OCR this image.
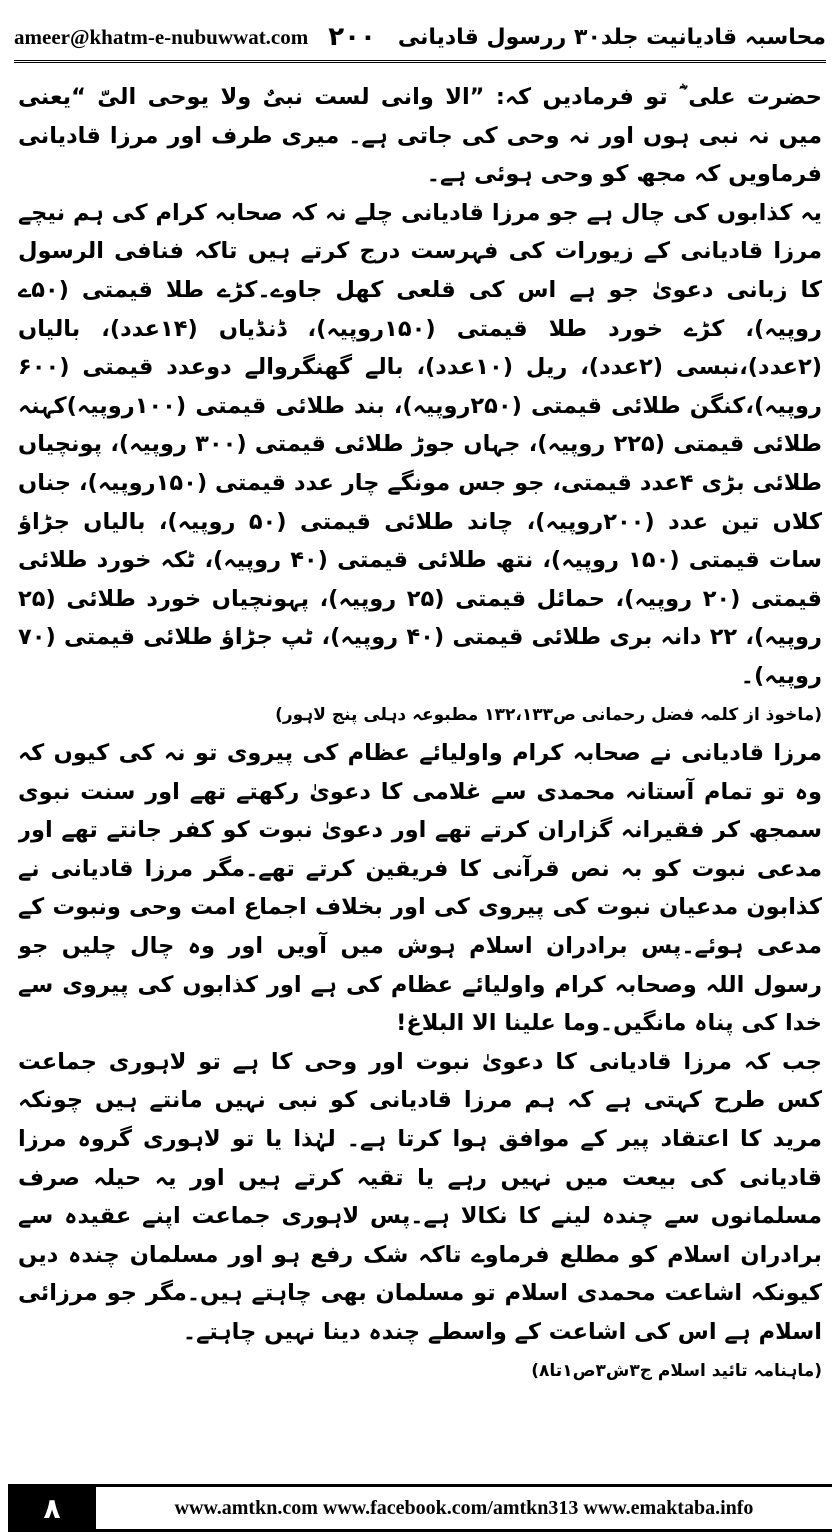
ameer@khatm-e-nubuwwat.com ۲۰۰ محاسبہ قادیانیت جلد۳۰ ررسول قادیانی

حضرت علی ؓ تو فرمادیں کہ: ”الا وانی لست نبیٌ ولا یوحی الیّ “یعنی میں نہ نبی ہوں اور نہ وحی کی جاتی ہے۔ میری طرف اور مرزا قادیانی فرماویں کہ مجھ کو وحی ہوئی ہے۔

یہ کذابوں کی چال ہے جو مرزا قادیانی چلے نہ کہ صحابہ کرام کی ہم نیچے مرزا قادیانی کے زیورات کی فہرست درج کرتے ہیں تاکہ فنافی الرسول کا زبانی دعویٰ جو ہے اس کی قلعی کھل جاوے۔کڑے طلا قیمتی (۵۰ے روپیہ)، کڑے خورد طلا قیمتی (۱۵۰روپیہ)، ڈنڈیاں (۱۴عدد)، بالیاں (۲عدد)،نبسی (۲عدد)، ریل (۱۰عدد)، بالے گھنگروالے دوعدد قیمتی (۶۰۰ روپیہ)،کنگن طلائی قیمتی (۲۵۰روپیہ)، بند طلائی قیمتی (۱۰۰روپیہ)کہنہ طلائی قیمتی (۲۲۵ روپیہ)، جہاں جوڑ طلائی قیمتی (۳۰۰ روپیہ)، پونچیاں طلائی بڑی ۴عدد قیمتی، جو جس مونگے چار عدد قیمتی (۱۵۰روپیہ)، جناں کلاں تین عدد (۲۰۰روپیہ)، چاند طلائی قیمتی (۵۰ روپیہ)، بالیاں جڑاؤ سات قیمتی (۱۵۰ روپیہ)، نتھ طلائی قیمتی (۴۰ روپیہ)، ٹکہ خورد طلائی قیمتی (۲۰ روپیہ)، حمائل قیمتی (۲۵ روپیہ)، پہونچیاں خورد طلائی (۲۵ روپیہ)، ۲۲ دانہ بری طلائی قیمتی (۴۰ روپیہ)، ٹپ جڑاؤ طلائی قیمتی (۷۰ روپیہ)۔

(ماخوذ از کلمہ فضل رحمانی ص۱۳۲،۱۳۳ مطبوعہ دہلی پنج لاہور)

مرزا قادیانی نے صحابہ کرام واولیائے عظام کی پیروی تو نہ کی کیوں کہ وہ تو تمام آستانہ محمدی سے غلامی کا دعویٰ رکھتے تھے اور سنت نبوی سمجھ کر فقیرانہ گزاران کرتے تھے اور دعویٰ نبوت کو کفر جانتے تھے اور مدعی نبوت کو بہ نص قرآنی کا فریقین کرتے تھے۔مگر مرزا قادیانی نے کذابون مدعیان نبوت کی پیروی کی اور بخلاف اجماع امت وحی ونبوت کے مدعی ہوئے۔پس برادران اسلام ہوش میں آویں اور وہ چال چلیں جو رسول اللہ وصحابہ کرام واولیائے عظام کی ہے اور کذابوں کی پیروی سے خدا کی پناہ مانگیں۔وما علینا الا البلاغ!

جب کہ مرزا قادیانی کا دعویٰ نبوت اور وحی کا ہے تو لاہوری جماعت کس طرح کہتی ہے کہ ہم مرزا قادیانی کو نبی نہیں مانتے ہیں چونکہ مرید کا اعتقاد پیر کے موافق ہوا کرتا ہے۔ لہٰذا یا تو لاہوری گروہ مرزا قادیانی کی بیعت میں نہیں رہے یا تقیہ کرتے ہیں اور یہ حیلہ صرف مسلمانوں سے چندہ لینے کا نکالا ہے۔پس لاہوری جماعت اپنے عقیدہ سے برادران اسلام کو مطلع فرماوے تاکہ شک رفع ہو اور مسلمان چندہ دیں کیونکہ اشاعت محمدی اسلام تو مسلمان بھی چاہتے ہیں۔مگر جو مرزائی اسلام ہے اس کی اشاعت کے واسطے چندہ دینا نہیں چاہتے۔

(ماہنامہ تائید اسلام ج۳ش۳ص۱تا۸)

۸	www.amtkn.com www.facebook.com/amtkn313 www.emaktaba.info
